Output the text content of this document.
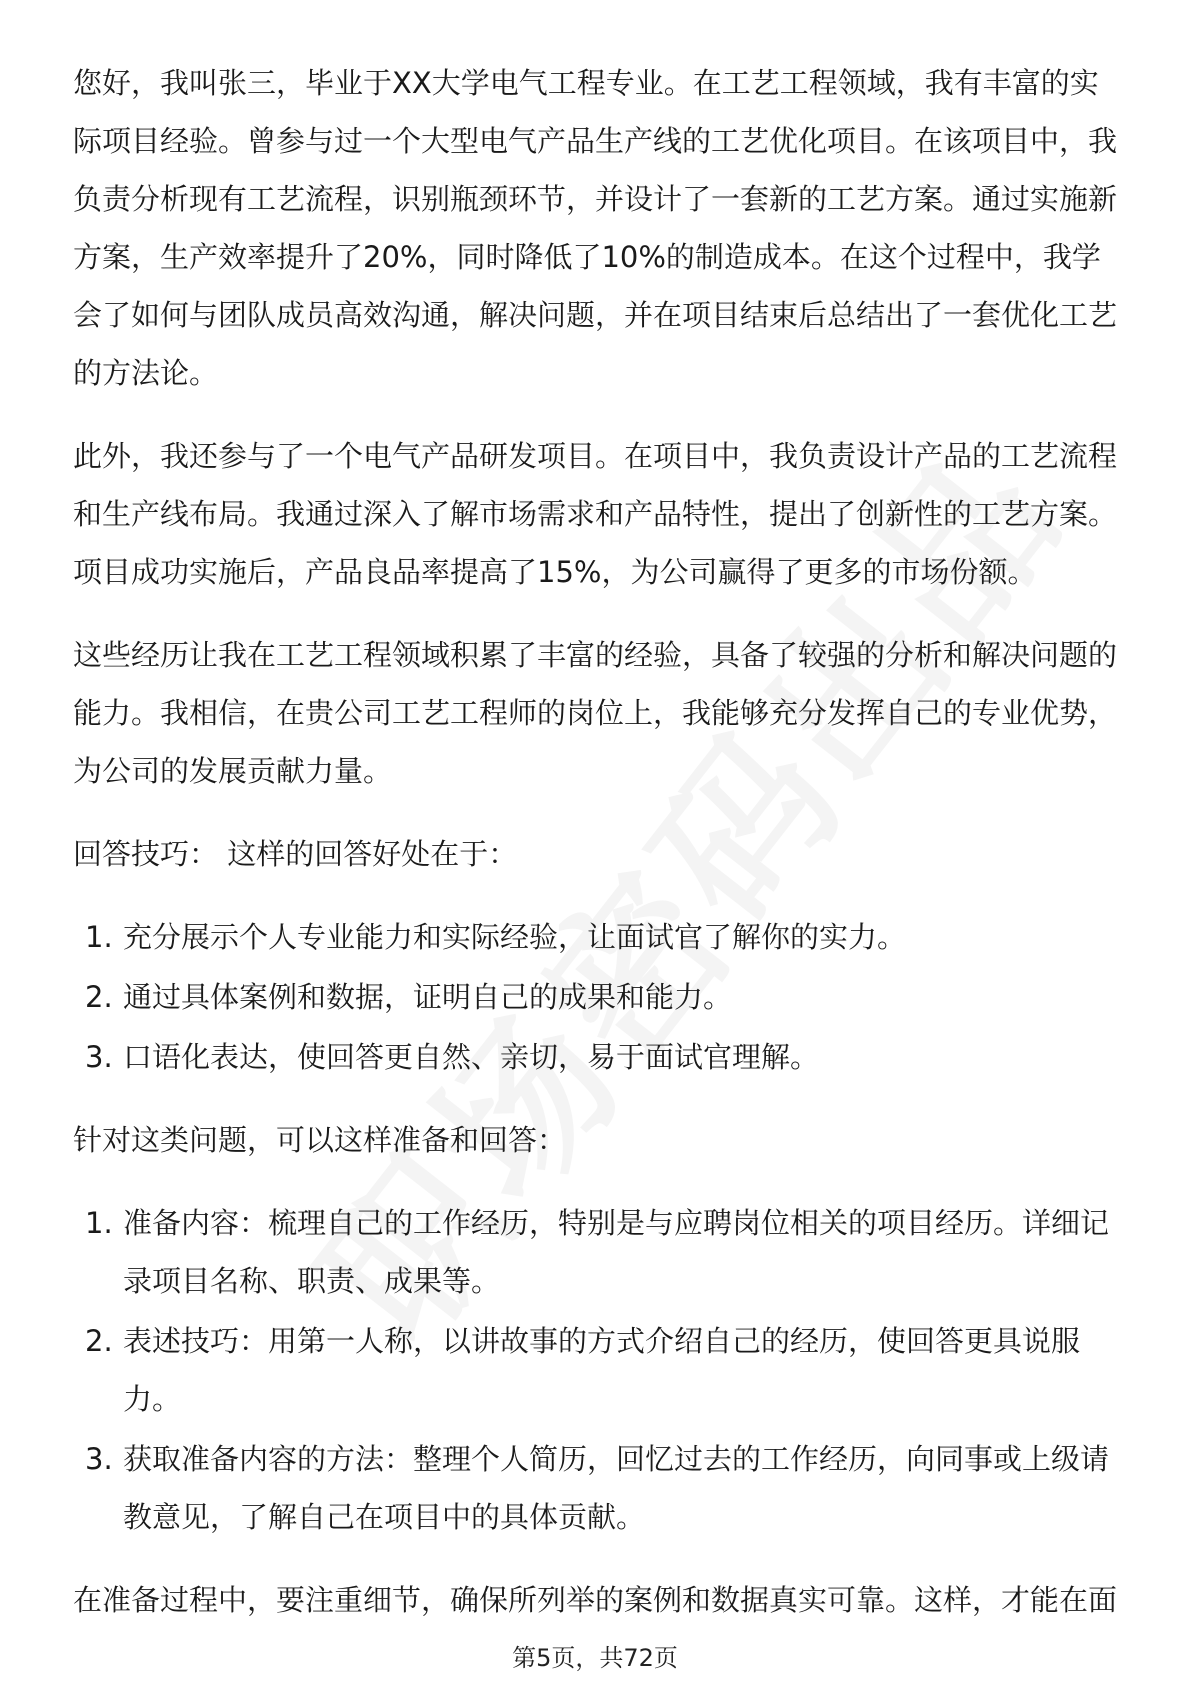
您好，我叫张三，毕业于XX大学电气工程专业。在工艺工程领域，我有丰富的实际项目经验。曾参与过一个大型电气产品生产线的工艺优化项目。在该项目中，我负责分析现有工艺流程，识别瓶颈环节，并设计了一套新的工艺方案。通过实施新方案，生产效率提升了20%，同时降低了10%的制造成本。在这个过程中，我学会了如何与团队成员高效沟通，解决问题，并在项目结束后总结出了一套优化工艺的方法论。

此外，我还参与了一个电气产品研发项目。在项目中，我负责设计产品的工艺流程和生产线布局。我通过深入了解市场需求和产品特性，提出了创新性的工艺方案。项目成功实施后，产品良品率提高了15%，为公司赢得了更多的市场份额。

这些经历让我在工艺工程领域积累了丰富的经验，具备了较强的分析和解决问题的能力。我相信，在贵公司工艺工程师的岗位上，我能够充分发挥自己的专业优势，为公司的发展贡献力量。

回答技巧： 这样的回答好处在于：

1. 充分展示个人专业能力和实际经验，让面试官了解你的实力。
2. 通过具体案例和数据，证明自己的成果和能力。
3. 口语化表达，使回答更自然、亲切，易于面试官理解。

针对这类问题，可以这样准备和回答：

1. 准备内容：梳理自己的工作经历，特别是与应聘岗位相关的项目经历。详细记录项目名称、职责、成果等。
2. 表述技巧：用第一人称，以讲故事的方式介绍自己的经历，使回答更具说服力。
3. 获取准备内容的方法：整理个人简历，回忆过去的工作经历，向同事或上级请教意见，了解自己在项目中的具体贡献。

在准备过程中，要注重细节，确保所列举的案例和数据真实可靠。这样，才能在面

第5页，共72页
